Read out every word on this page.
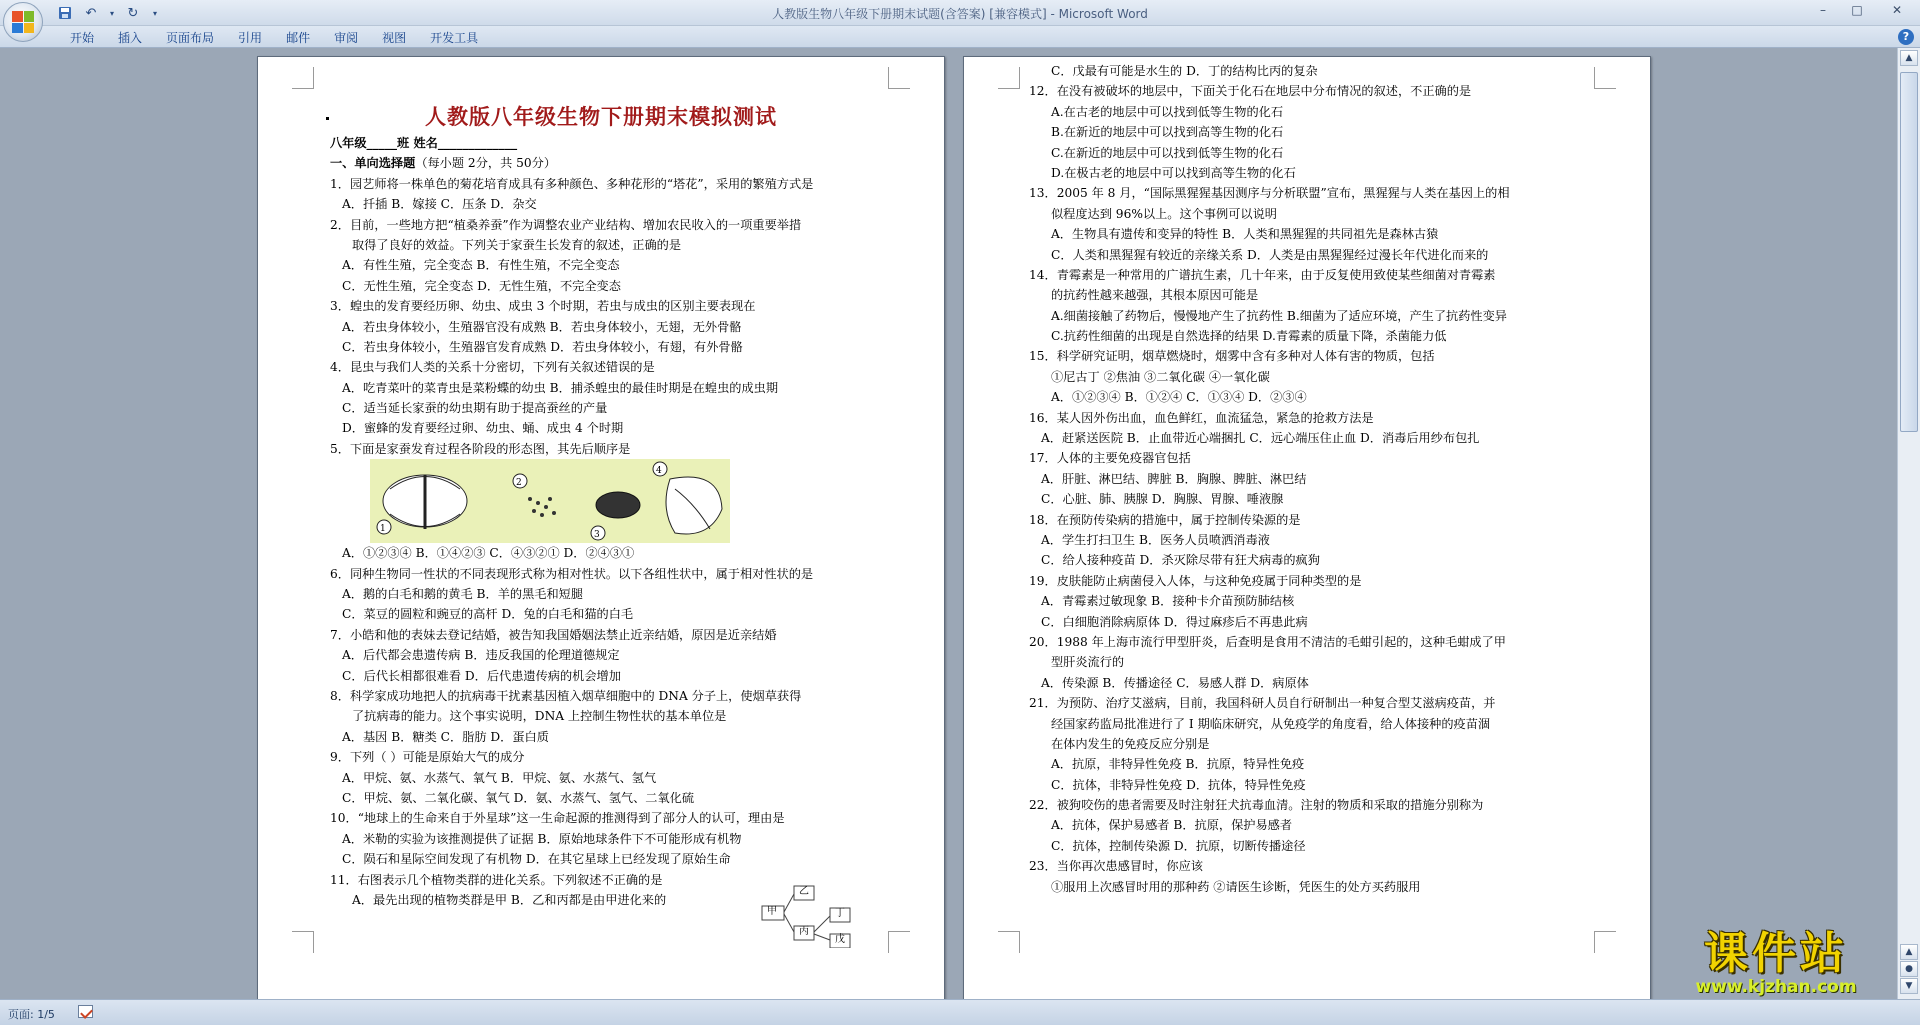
↶	▾ ↻	▾	人教版生物八年级下册期末试题(含答案) [兼容模式] - Microsoft Word	–	□	✕
开始	插入	页面布局	引用	邮件	审阅	视图	开发工具	?
人教版八年级生物下册期末模拟测试
八年级_____班 姓名_____________
一、单向选择题（每小题 2分，共 50分）
1．园艺师将一株单色的菊花培育成具有多种颜色、多种花形的“塔花”，采用的繁殖方式是
A．扦插 B．嫁接 C．压条 D．杂交
2．目前，一些地方把“植桑养蚕”作为调整农业产业结构、增加农民收入的一项重要举措
取得了良好的效益。下列关于家蚕生长发育的叙述，正确的是
A．有性生殖，完全变态 B．有性生殖，不完全变态
C．无性生殖，完全变态 D．无性生殖，不完全变态
3．蝗虫的发育要经历卵、幼虫、成虫 3 个时期，若虫与成虫的区别主要表现在
A．若虫身体较小，生殖器官没有成熟 B．若虫身体较小，无翅，无外骨骼
C．若虫身体较小，生殖器官发育成熟 D．若虫身体较小，有翅，有外骨骼
4．昆虫与我们人类的关系十分密切，下列有关叙述错误的是
A．吃青菜叶的菜青虫是菜粉蝶的幼虫 B．捕杀蝗虫的最佳时期是在蝗虫的成虫期
C．适当延长家蚕的幼虫期有助于提高蚕丝的产量
D．蜜蜂的发育要经过卵、幼虫、蛹、成虫 4 个时期
5．下面是家蚕发育过程各阶段的形态图，其先后顺序是
1
2
3
4
A．①②③④ B．①④②③ C．④③②① D．②④③①
6．同种生物同一性状的不同表现形式称为相对性状。以下各组性状中，属于相对性状的是
A．鹅的白毛和鹅的黄毛 B．羊的黑毛和短腿
C．菜豆的圆粒和豌豆的高杆 D．兔的白毛和猫的白毛
7．小皓和他的表妹去登记结婚，被告知我国婚姻法禁止近亲结婚，原因是近亲结婚
A．后代都会患遗传病 B．违反我国的伦理道德规定
C．后代长相都很难看 D．后代患遗传病的机会增加
8．科学家成功地把人的抗病毒干扰素基因植入烟草细胞中的 DNA 分子上，使烟草获得
了抗病毒的能力。这个事实说明，DNA 上控制生物性状的基本单位是
A．基因 B．糖类 C．脂肪 D．蛋白质
9．下列（ ）可能是原始大气的成分
A．甲烷、氨、水蒸气、氧气 B．甲烷、氨、水蒸气、氢气
C．甲烷、氨、二氧化碳、氧气 D．氨、水蒸气、氢气、二氧化硫
10．“地球上的生命来自于外星球”这一生命起源的推测得到了部分人的认可，理由是
A．米勒的实验为该推测提供了证据 B．原始地球条件下不可能形成有机物
C．陨石和星际空间发现了有机物 D．在其它星球上已经发现了原始生命
11．右图表示几个植物类群的进化关系。下列叙述不正确的是
A．最先出现的植物类群是甲 B．乙和丙都是由甲进化来的
甲
乙
丙
丁
戊
C．戊最有可能是水生的 D．丁的结构比丙的复杂
12．在没有被破坏的地层中，下面关于化石在地层中分布情况的叙述，不正确的是
A.在古老的地层中可以找到低等生物的化石
B.在新近的地层中可以找到高等生物的化石
C.在新近的地层中可以找到低等生物的化石
D.在极古老的地层中可以找到高等生物的化石
13．2005 年 8 月，“国际黑猩猩基因测序与分析联盟”宣布，黑猩猩与人类在基因上的相
似程度达到 96%以上。这个事例可以说明
A．生物具有遗传和变异的特性 B．人类和黑猩猩的共同祖先是森林古猿
C．人类和黑猩猩有较近的亲缘关系 D．人类是由黑猩猩经过漫长年代进化而来的
14．青霉素是一种常用的广谱抗生素，几十年来，由于反复使用致使某些细菌对青霉素
的抗药性越来越强，其根本原因可能是
A.细菌接触了药物后，慢慢地产生了抗药性 B.细菌为了适应环境，产生了抗药性变异
C.抗药性细菌的出现是自然选择的结果 D.青霉素的质量下降，杀菌能力低
15．科学研究证明，烟草燃烧时，烟雾中含有多种对人体有害的物质，包括
①尼古丁 ②焦油 ③二氧化碳 ④一氧化碳
A．①②③④ B．①②④ C．①③④ D．②③④
16．某人因外伤出血，血色鲜红，血流猛急，紧急的抢救方法是
A．赶紧送医院 B．止血带近心端捆扎 C．远心端压住止血 D．消毒后用纱布包扎
17．人体的主要免疫器官包括
A．肝脏、淋巴结、脾脏 B．胸腺、脾脏、淋巴结
C．心脏、肺、胰腺 D．胸腺、胃腺、唾液腺
18．在预防传染病的措施中，属于控制传染源的是
A．学生打扫卫生 B．医务人员喷洒消毒液
C．给人接种疫苗 D．杀灭除尽带有狂犬病毒的疯狗
19．皮肤能防止病菌侵入人体，与这种免疫属于同种类型的是
A．青霉素过敏现象 B．接种卡介苗预防肺结核
C．白细胞消除病原体 D．得过麻疹后不再患此病
20．1988 年上海市流行甲型肝炎，后查明是食用不清洁的毛蚶引起的，这种毛蚶成了甲
型肝炎流行的
A．传染源 B．传播途径 C．易感人群 D．病原体
21．为预防、治疗艾滋病，目前，我国科研人员自行研制出一种复合型艾滋病疫苗，并
经国家药监局批准进行了 I 期临床研究，从免疫学的角度看，给人体接种的疫苗涸
在体内发生的免疫反应分别是
A．抗原，非特异性免疫 B．抗原，特异性免疫
C．抗体，非特异性免疫 D．抗体，特异性免疫
22．被狗咬伤的患者需要及时注射狂犬抗毒血清。注射的物质和采取的措施分别称为
A．抗体，保护易感者 B．抗原，保护易感者
C．抗体，控制传染源 D．抗原，切断传播途径
23．当你再次患感冒时，你应该
①服用上次感冒时用的那种药 ②请医生诊断，凭医生的处方买药服用
▲
▲
●
▼
页面: 1/5
课件站
www.kjzhan.com
